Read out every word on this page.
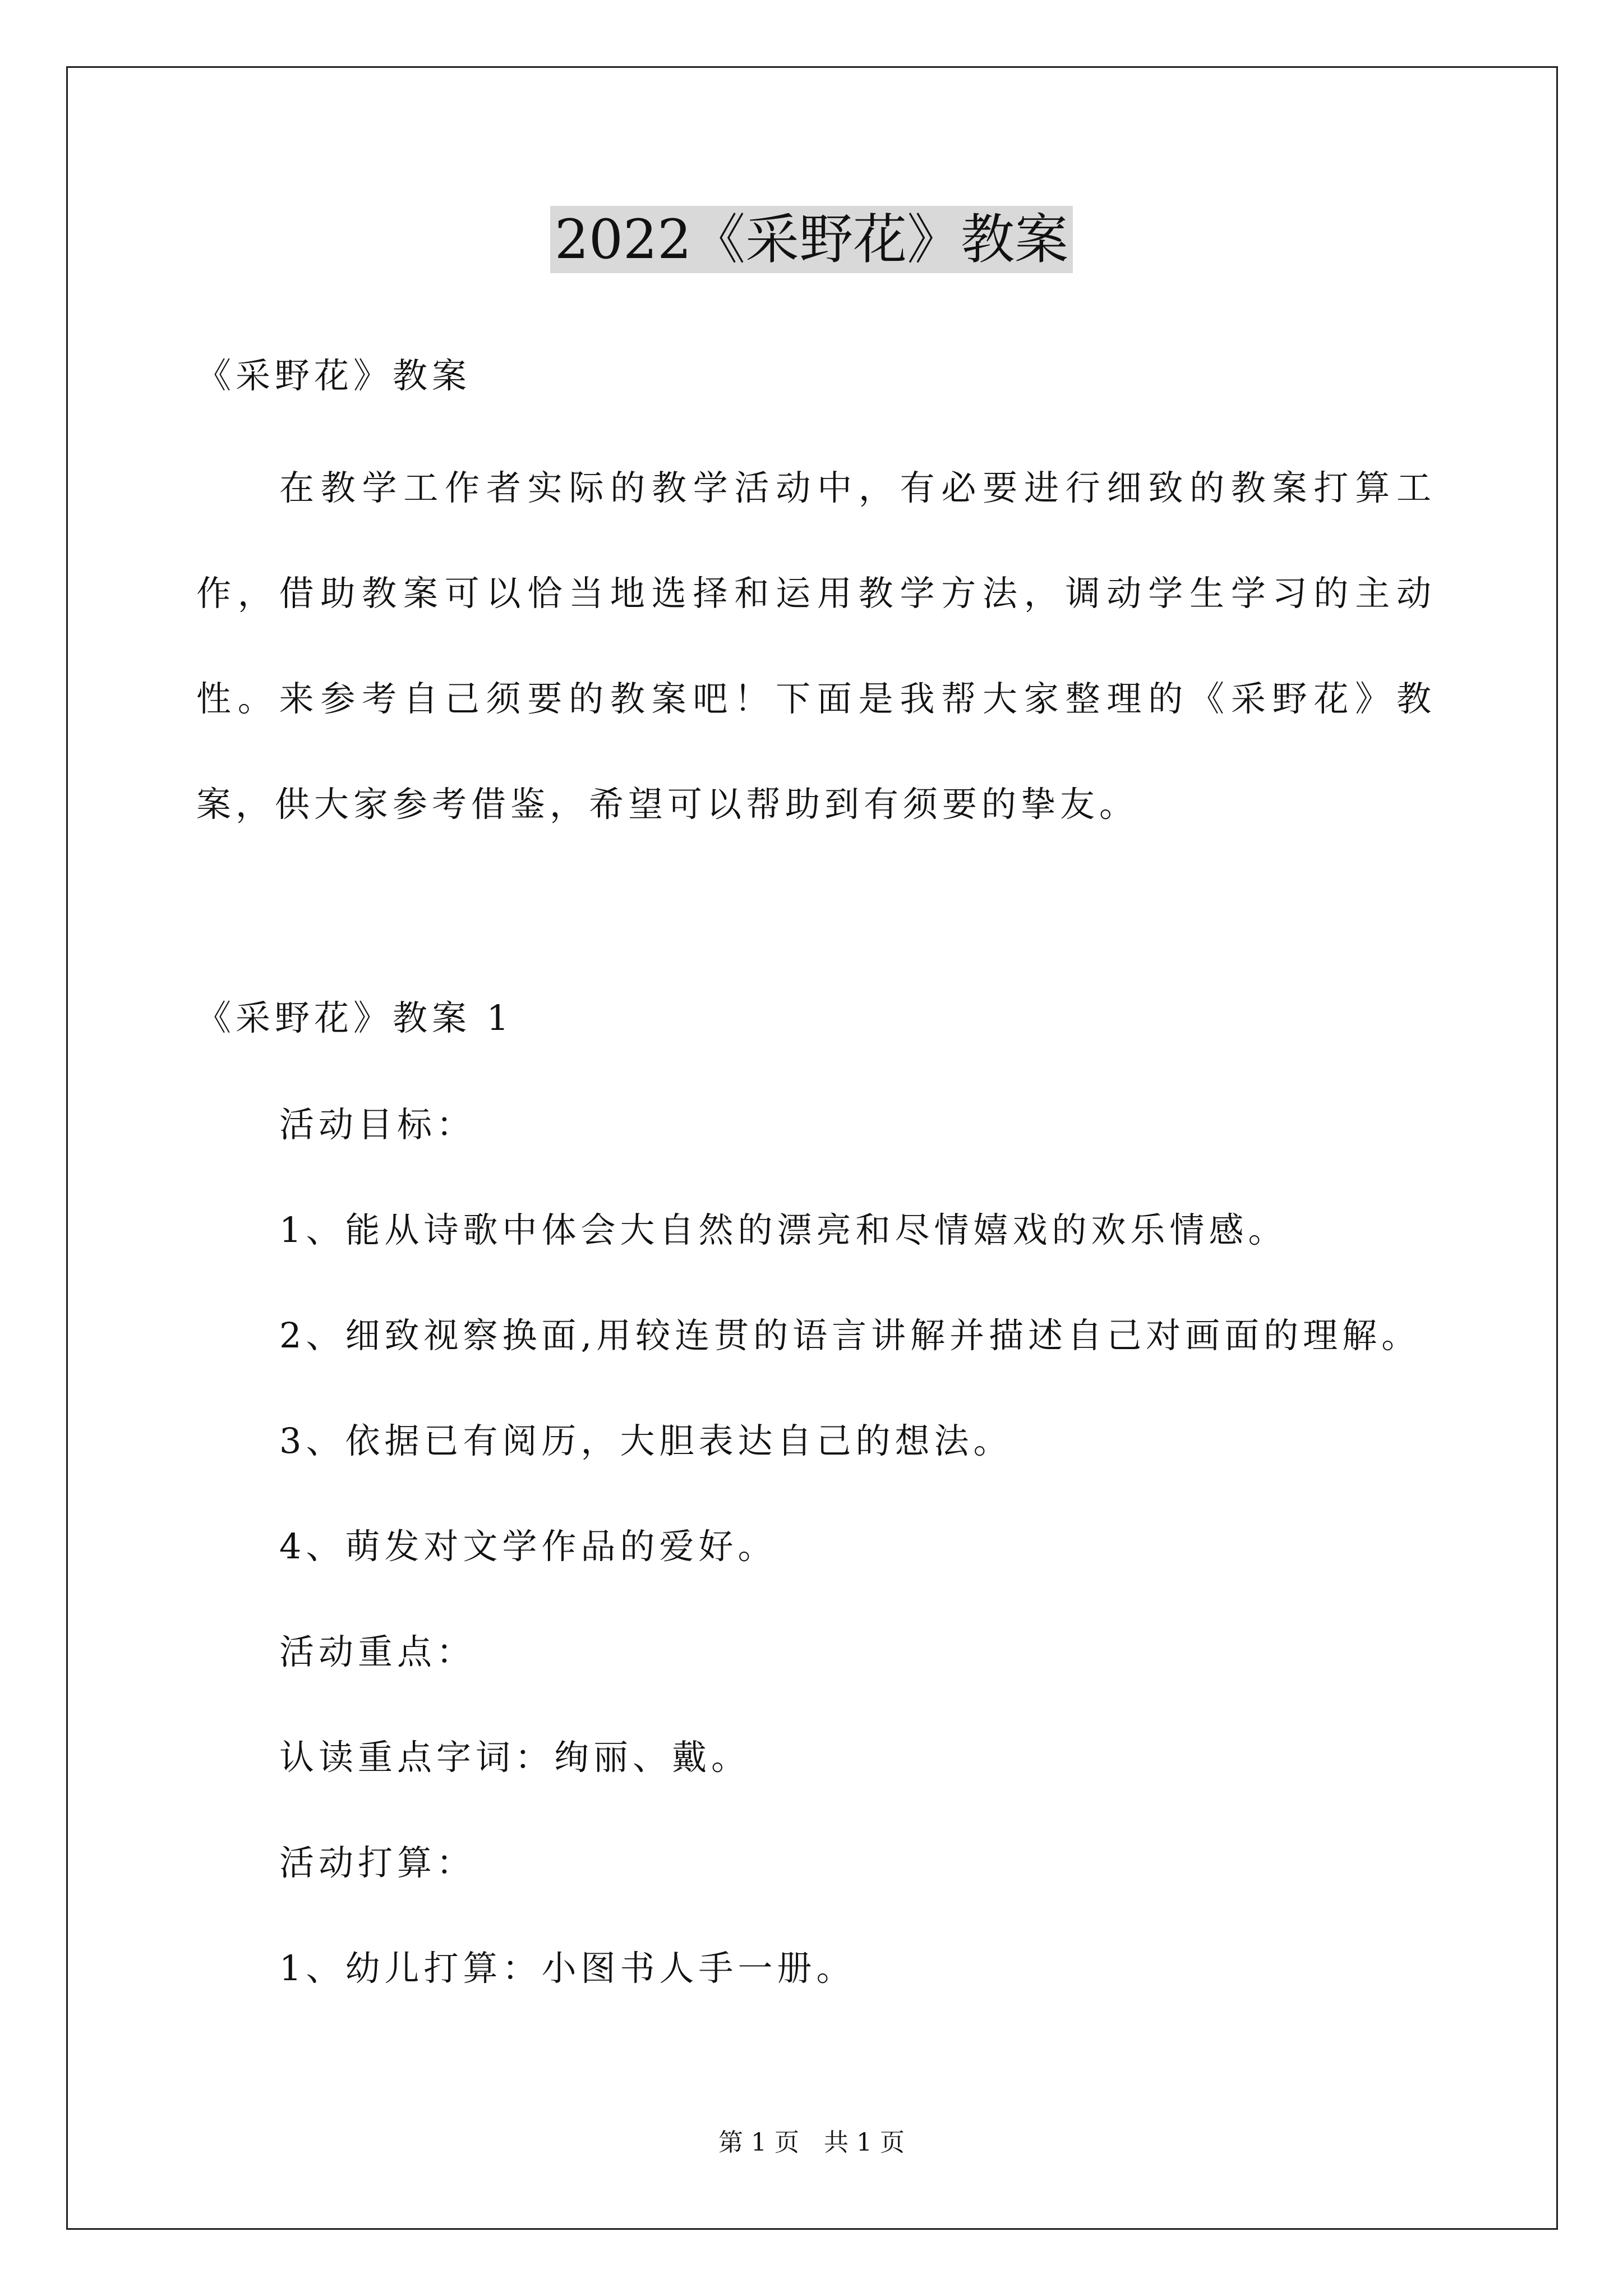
2022《采野花》教案
《采野花》教案
在教学工作者实际的教学活动中，有必要进行细致的教案打算工作，借助教案可以恰当地选择和运用教学方法，调动学生学习的主动性。来参考自己须要的教案吧！下面是我帮大家整理的《采野花》教案，供大家参考借鉴，希望可以帮助到有须要的挚友。
《采野花》教案 1
活动目标：
1、能从诗歌中体会大自然的漂亮和尽情嬉戏的欢乐情感。
2、细致视察换面,用较连贯的语言讲解并描述自己对画面的理解。
3、依据已有阅历，大胆表达自己的想法。
4、萌发对文学作品的爱好。
活动重点：
认读重点字词：绚丽、戴。
活动打算：
1、幼儿打算：小图书人手一册。
第 1 页　共 1 页
